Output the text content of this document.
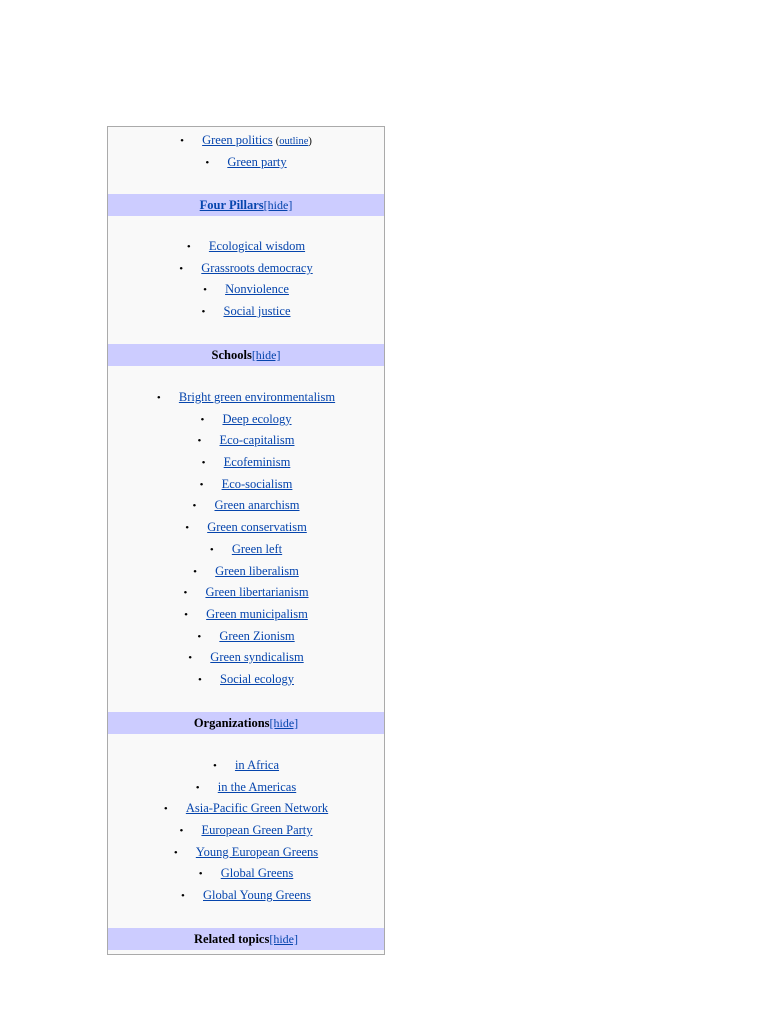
• Green politics (outline)
• Green party
Four Pillars[hide]
• Ecological wisdom
• Grassroots democracy
• Nonviolence
• Social justice
Schools[hide]
• Bright green environmentalism
• Deep ecology
• Eco-capitalism
• Ecofeminism
• Eco-socialism
• Green anarchism
• Green conservatism
• Green left
• Green liberalism
• Green libertarianism
• Green municipalism
• Green Zionism
• Green syndicalism
• Social ecology
Organizations[hide]
• in Africa
• in the Americas
• Asia-Pacific Green Network
• European Green Party
• Young European Greens
• Global Greens
• Global Young Greens
Related topics[hide]
